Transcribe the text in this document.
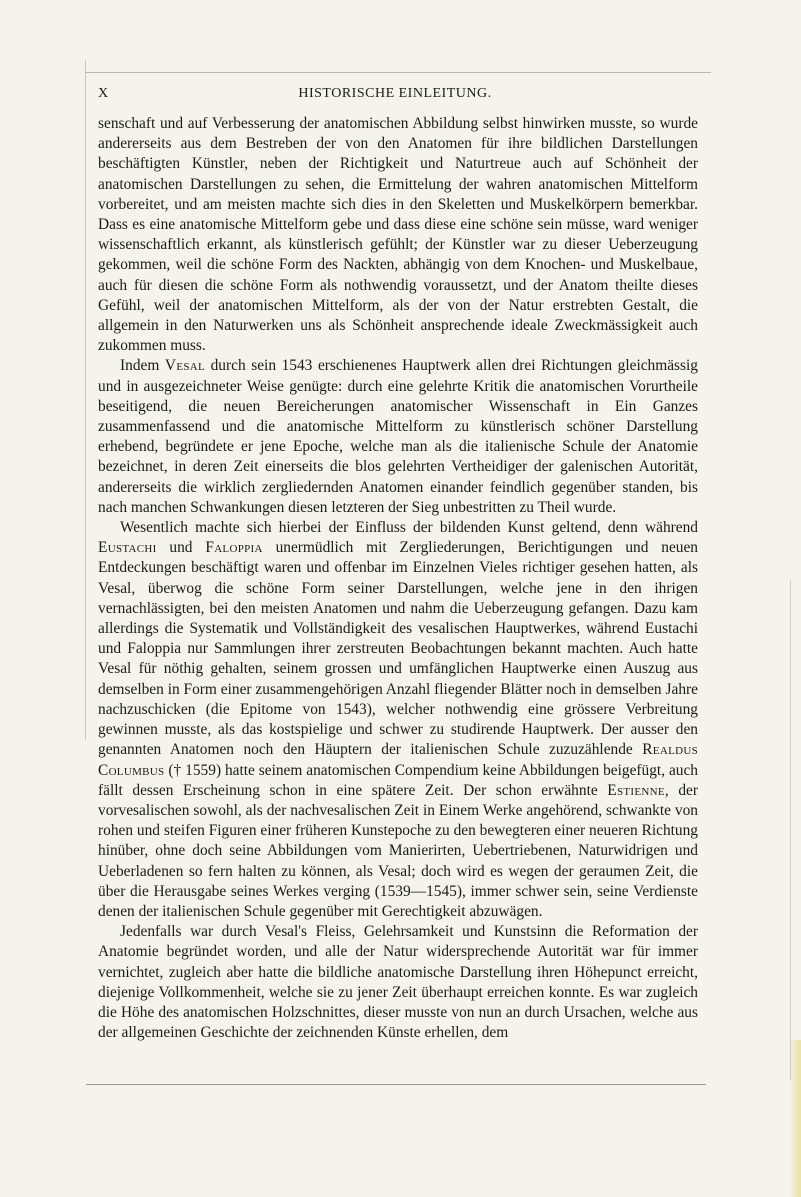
X	HISTORISCHE EINLEITUNG.

senschaft und auf Verbesserung der anatomischen Abbildung selbst hinwirken musste, so wurde andererseits aus dem Bestreben der von den Anatomen für ihre bildlichen Darstellungen beschäftigten Künstler, neben der Richtigkeit und Naturtreue auch auf Schönheit der anatomischen Darstellungen zu sehen, die Ermittelung der wahren anatomischen Mittelform vorbereitet, und am meisten machte sich dies in den Skeletten und Muskelkörpern bemerkbar. Dass es eine anatomische Mittelform gebe und dass diese eine schöne sein müsse, ward weniger wissenschaftlich erkannt, als künstlerisch gefühlt; der Künstler war zu dieser Ueberzeugung gekommen, weil die schöne Form des Nackten, abhängig von dem Knochen- und Muskelbaue, auch für diesen die schöne Form als nothwendig voraussetzt, und der Anatom theilte dieses Gefühl, weil der anatomischen Mittelform, als der von der Natur erstrebten Gestalt, die allgemein in den Naturwerken uns als Schönheit ansprechende ideale Zweckmässigkeit auch zukommen muss.

Indem Vesal durch sein 1543 erschienenes Hauptwerk allen drei Richtungen gleichmässig und in ausgezeichneter Weise genügte: durch eine gelehrte Kritik die anatomischen Vorurtheile beseitigend, die neuen Bereicherungen anatomischer Wissenschaft in Ein Ganzes zusammenfassend und die anatomische Mittelform zu künstlerisch schöner Darstellung erhebend, begründete er jene Epoche, welche man als die italienische Schule der Anatomie bezeichnet, in deren Zeit einerseits die blos gelehrten Vertheidiger der galenischen Autorität, andererseits die wirklich zergliedernden Anatomen einander feindlich gegenüber standen, bis nach manchen Schwankungen diesen letzteren der Sieg unbestritten zu Theil wurde.

Wesentlich machte sich hierbei der Einfluss der bildenden Kunst geltend, denn während Eustachi und Faloppia unermüdlich mit Zergliederungen, Berichtigungen und neuen Entdeckungen beschäftigt waren und offenbar im Einzelnen Vieles richtiger gesehen hatten, als Vesal, überwog die schöne Form seiner Darstellungen, welche jene in den ihrigen vernachlässigten, bei den meisten Anatomen und nahm die Ueberzeugung gefangen. Dazu kam allerdings die Systematik und Vollständigkeit des vesalischen Hauptwerkes, während Eustachi und Faloppia nur Sammlungen ihrer zerstreuten Beobachtungen bekannt machten. Auch hatte Vesal für nöthig gehalten, seinem grossen und umfänglichen Hauptwerke einen Auszug aus demselben in Form einer zusammengehörigen Anzahl fliegender Blätter noch in demselben Jahre nachzuschicken (die Epitome von 1543), welcher nothwendig eine grössere Verbreitung gewinnen musste, als das kostspielige und schwer zu studirende Hauptwerk. Der ausser den genannten Anatomen noch den Häuptern der italienischen Schule zuzuzählende Realdus Columbus († 1559) hatte seinem anatomischen Compendium keine Abbildungen beigefügt, auch fällt dessen Erscheinung schon in eine spätere Zeit. Der schon erwähnte Estienne, der vorvesalischen sowohl, als der nachvesalischen Zeit in Einem Werke angehörend, schwankte von rohen und steifen Figuren einer früheren Kunstepoche zu den bewegteren einer neueren Richtung hinüber, ohne doch seine Abbildungen vom Manierirten, Uebertriebenen, Naturwidrigen und Ueberladenen so fern halten zu können, als Vesal; doch wird es wegen der geraumen Zeit, die über die Herausgabe seines Werkes verging (1539—1545), immer schwer sein, seine Verdienste denen der italienischen Schule gegenüber mit Gerechtigkeit abzuwägen.

Jedenfalls war durch Vesal's Fleiss, Gelehrsamkeit und Kunstsinn die Reformation der Anatomie begründet worden, und alle der Natur widersprechende Autorität war für immer vernichtet, zugleich aber hatte die bildliche anatomische Darstellung ihren Höhepunct erreicht, diejenige Vollkommenheit, welche sie zu jener Zeit überhaupt erreichen konnte. Es war zugleich die Höhe des anatomischen Holzschnittes, dieser musste von nun an durch Ursachen, welche aus der allgemeinen Geschichte der zeichnenden Künste erhellen, dem
